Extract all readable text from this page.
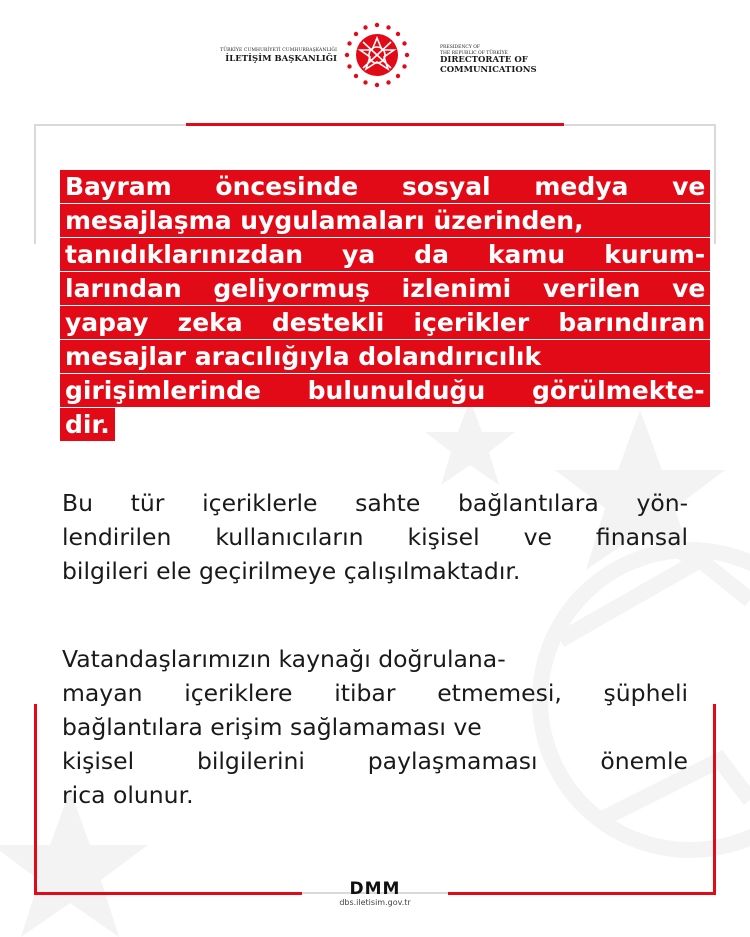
TÜRKİYE CUMHURİYETİ CUMHURBAŞKANLIĞI
İLETİŞİM BAŞKANLIĞI
PRESIDENCY OF
THE REPUBLIC OF TÜRKİYE
DIRECTORATE OF
COMMUNICATIONS
Bayram öncesinde sosyal medya ve
mesajlaşma uygulamaları üzerinden,
tanıdıklarınızdan ya da kamu kurum-
larından geliyormuş izlenimi verilen ve
yapay zeka destekli içerikler barındıran
mesajlar aracılığıyla dolandırıcılık
girişimlerinde bulunulduğu görülmekte-
dir.
Bu tür içeriklerle sahte bağlantılara yön-
lendirilen kullanıcıların kişisel ve finansal
bilgileri ele geçirilmeye çalışılmaktadır.
Vatandaşlarımızın kaynağı doğrulana-
mayan içeriklere itibar etmemesi, şüpheli
bağlantılara erişim sağlamaması ve
kişisel bilgilerini paylaşmaması önemle
rica olunur.
DMM
dbs.iletisim.gov.tr
